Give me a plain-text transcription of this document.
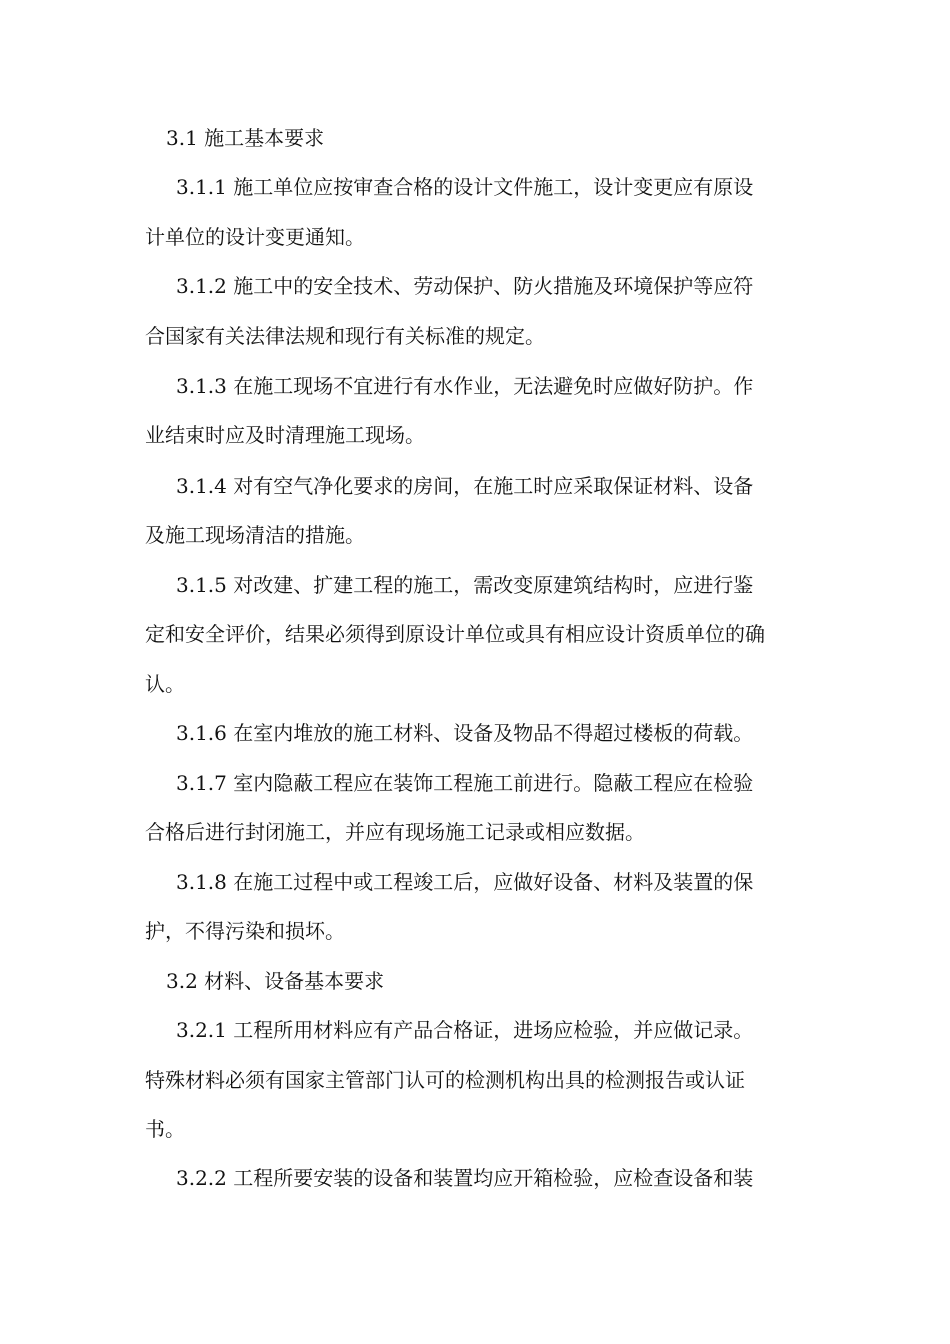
3.1 施工基本要求
3.1.1 施工单位应按审查合格的设计文件施工，设计变更应有原设
计单位的设计变更通知。
3.1.2 施工中的安全技术、劳动保护、防火措施及环境保护等应符
合国家有关法律法规和现行有关标准的规定。
3.1.3 在施工现场不宜进行有水作业，无法避免时应做好防护。作
业结束时应及时清理施工现场。
3.1.4 对有空气净化要求的房间，在施工时应采取保证材料、设备
及施工现场清洁的措施。
3.1.5 对改建、扩建工程的施工，需改变原建筑结构时，应进行鉴
定和安全评价，结果必须得到原设计单位或具有相应设计资质单位的确
认。
3.1.6 在室内堆放的施工材料、设备及物品不得超过楼板的荷载。
3.1.7 室内隐蔽工程应在装饰工程施工前进行。隐蔽工程应在检验
合格后进行封闭施工，并应有现场施工记录或相应数据。
3.1.8 在施工过程中或工程竣工后，应做好设备、材料及装置的保
护，不得污染和损坏。
3.2 材料、设备基本要求
3.2.1 工程所用材料应有产品合格证，进场应检验，并应做记录。
特殊材料必须有国家主管部门认可的检测机构出具的检测报告或认证
书。
3.2.2 工程所要安装的设备和装置均应开箱检验，应检查设备和装
